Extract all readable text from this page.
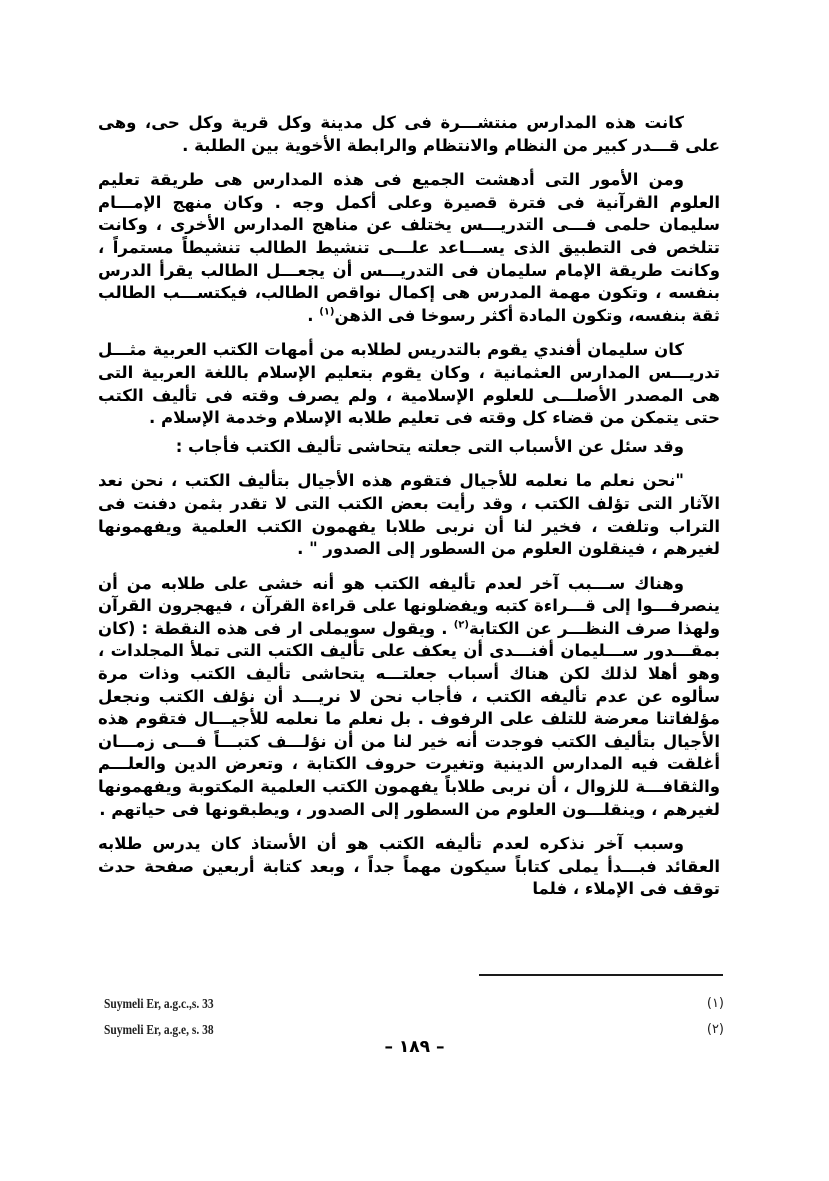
كانت هذه المدارس منتشـــرة فى كل مدينة وكل قرية وكل حى، وهى على قـــدر كبير من النظام والانتظام والرابطة الأخوية بين الطلبة .

ومن الأمور التى أدهشت الجميع فى هذه المدارس هى طريقة تعليم العلوم القرآنية فى فترة قصيرة وعلى أكمل وجه . وكان منهج الإمـــام سليمان حلمى فـــى التدريـــس يختلف عن مناهج المدارس الأخرى ، وكانت تتلخص فى التطبيق الذى يســـاعد علـــى تنشيط الطالب تنشيطاً مستمراً ، وكانت طريقة الإمام سليمان فى التدريـــس أن يجعـــل الطالب يقرأ الدرس بنفسه ، وتكون مهمة المدرس هى إكمال نواقص الطالب، فيكتســـب الطالب ثقة بنفسه، وتكون المادة أكثر رسوخا فى الذهن$^{(١)}$ .

كان سليمان أفندي يقوم بالتدريس لطلابه من أمهات الكتب العربية مثـــل تدريـــس المدارس العثمانية ، وكان يقوم بتعليم الإسلام باللغة العربية التى هى المصدر الأصلـــى للعلوم الإسلامية ، ولم يصرف وقته فى تأليف الكتب حتى يتمكن من قضاء كل وقته فى تعليم طلابه الإسلام وخدمة الإسلام .

وقد سئل عن الأسباب التى جعلته يتحاشى تأليف الكتب فأجاب :

"نحن نعلم ما نعلمه للأجيال فتقوم هذه الأجيال بتأليف الكتب ، نحن نعد الآثار التى تؤلف الكتب ، وقد رأيت بعض الكتب التى لا تقدر بثمن دفنت فى التراب وتلفت ، فخير لنا أن نربى طلابا يفهمون الكتب العلمية ويفهمونها لغيرهم ، فينقلون العلوم من السطور إلى الصدور " .

وهناك ســـبب آخر لعدم تأليفه الكتب هو أنه خشى على طلابه من أن ينصرفـــوا إلى قـــراءة كتبه ويفضلونها على قراءة القرآن ، فيهجرون القرآن ولهذا صرف النظـــر عن الكتابة$^{(٢)}$ . ويقول سويملى ار فى هذه النقطة : (كان بمقـــدور ســـليمان أفنـــدى أن يعكف على تأليف الكتب التى تملأ المجلدات ، وهو أهلا لذلك لكن هناك أسباب جعلتـــه يتحاشى تأليف الكتب وذات مرة سألوه عن عدم تأليفه الكتب ، فأجاب نحن لا نريـــد أن نؤلف الكتب ونجعل مؤلفاتنا معرضة للتلف على الرفوف . بل نعلم ما نعلمه للأجيـــال فتقوم هذه الأجيال بتأليف الكتب فوجدت أنه خير لنا من أن نؤلـــف كتبـــاً فـــى زمـــان أغلقت فيه المدارس الدينية وتغيرت حروف الكتابة ، وتعرض الدين والعلـــم والثقافـــة للزوال ، أن نربى طلاباً يفهمون الكتب العلمية المكتوبة ويفهمونها لغيرهم ، وينقلـــون العلوم من السطور إلى الصدور ، ويطبقونها فى حياتهم .

وسبب آخر نذكره لعدم تأليفه الكتب هو أن الأستاذ كان يدرس طلابه العقائد فبـــدأ يملى كتاباً سيكون مهماً جداً ، وبعد كتابة أربعين صفحة حدث توقف فى الإملاء ، فلما

Suymeli Er, a.g.c.,s. 33	(١)
Suymeli Er, a.g.e, s. 38	(٢)
– ١٨٩ –
